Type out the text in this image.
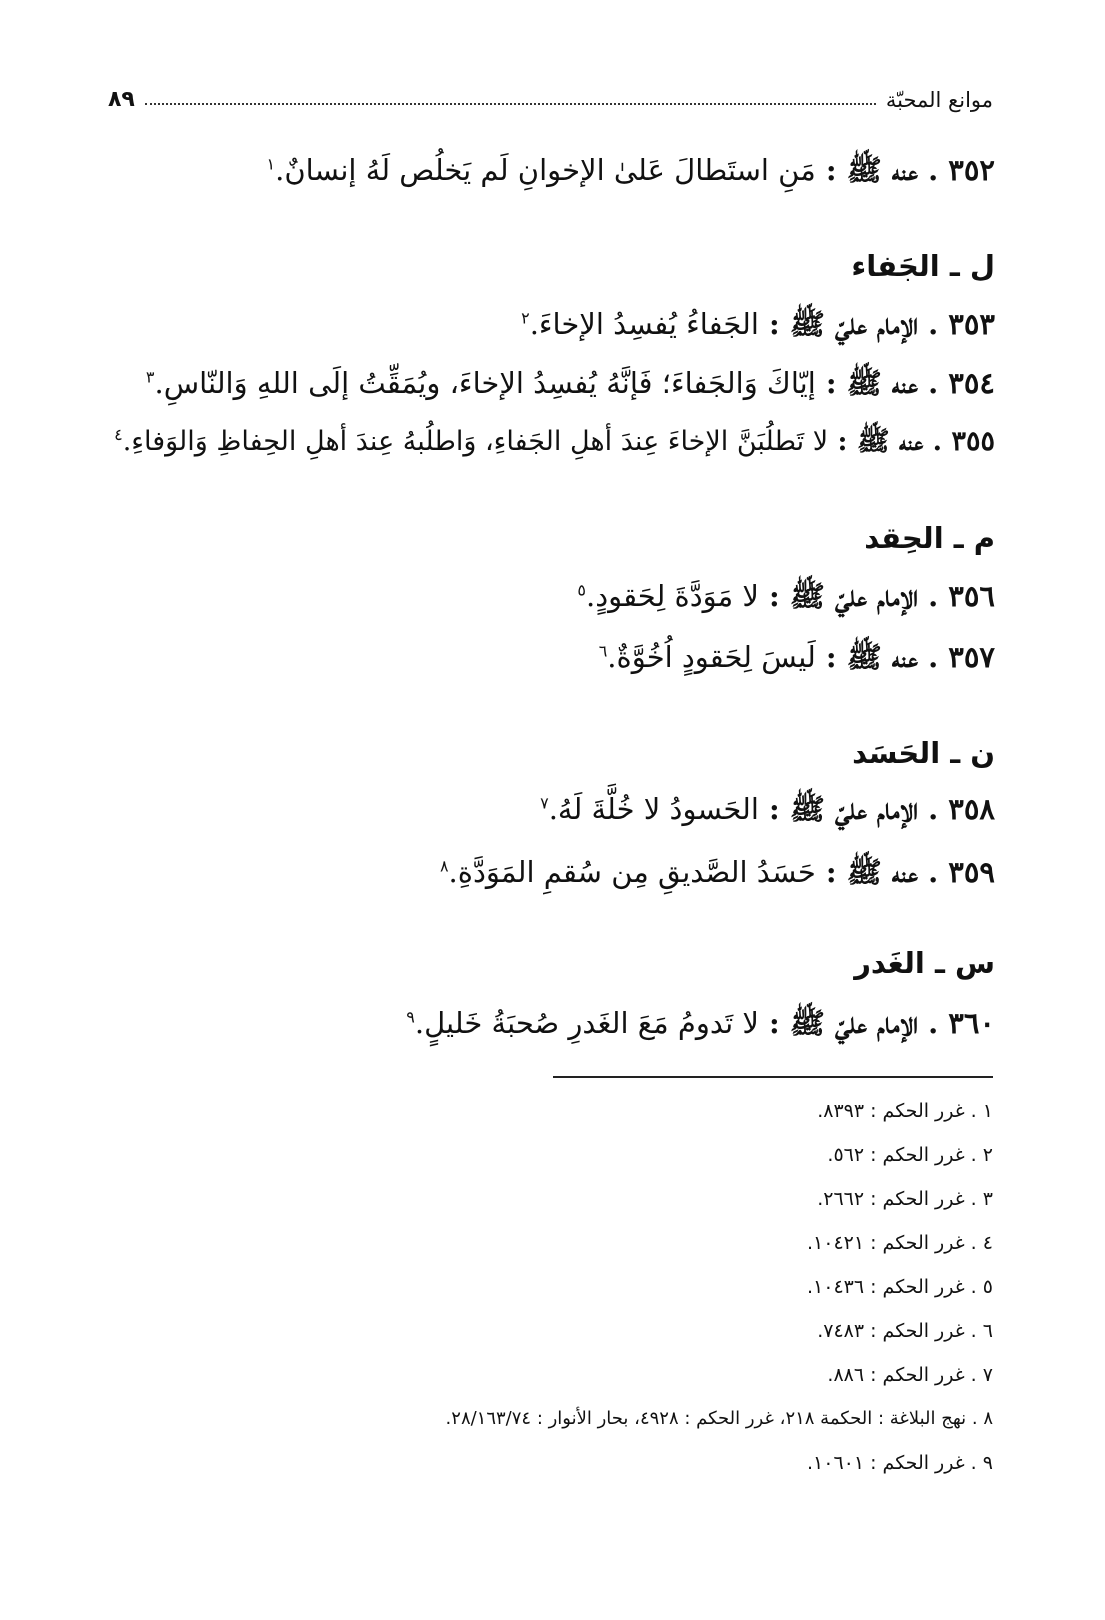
موانع المحبّة
٨٩
٣٥٢ . عنه ﷺ : مَنِ استَطالَ عَلىٰ الإخوانِ لَم يَخلُص لَهُ إنسانٌ.$^١$
ل ـ الجَفاء
٣٥٣ . الإمام عليّ ﷺ : الجَفاءُ يُفسِدُ الإخاءَ.$^٢$
٣٥٤ . عنه ﷺ : إيّاكَ وَالجَفاءَ؛ فَإنَّهُ يُفسِدُ الإخاءَ، ويُمَقِّتُ إلَى اللهِ وَالنّاسِ.$^٣$
٣٥٥ . عنه ﷺ : لا تَطلُبَنَّ الإخاءَ عِندَ أهلِ الجَفاءِ، وَاطلُبهُ عِندَ أهلِ الحِفاظِ وَالوَفاءِ.$^٤$
م ـ الحِقد
٣٥٦ . الإمام عليّ ﷺ : لا مَوَدَّةَ لِحَقودٍ.$^٥$
٣٥٧ . عنه ﷺ : لَيسَ لِحَقودٍ اُخُوَّةٌ.$^٦$
ن ـ الحَسَد
٣٥٨ . الإمام عليّ ﷺ : الحَسودُ لا خُلَّةَ لَهُ.$^٧$
٣٥٩ . عنه ﷺ : حَسَدُ الصَّديقِ مِن سُقمِ المَوَدَّةِ.$^٨$
س ـ الغَدر
٣٦٠ . الإمام عليّ ﷺ : لا تَدومُ مَعَ الغَدرِ صُحبَةُ خَليلٍ.$^٩$
١ . غرر الحكم : ٨٣٩٣.
٢ . غرر الحكم : ٥٦٢.
٣ . غرر الحكم : ٢٦٦٢.
٤ . غرر الحكم : ١٠٤٢١.
٥ . غرر الحكم : ١٠٤٣٦.
٦ . غرر الحكم : ٧٤٨٣.
٧ . غرر الحكم : ٨٨٦.
٨ . نهج البلاغة : الحكمة ٢١٨، غرر الحكم : ٤٩٢٨، بحار الأنوار : ٢٨/١٦٣/٧٤.
٩ . غرر الحكم : ١٠٦٠١.
